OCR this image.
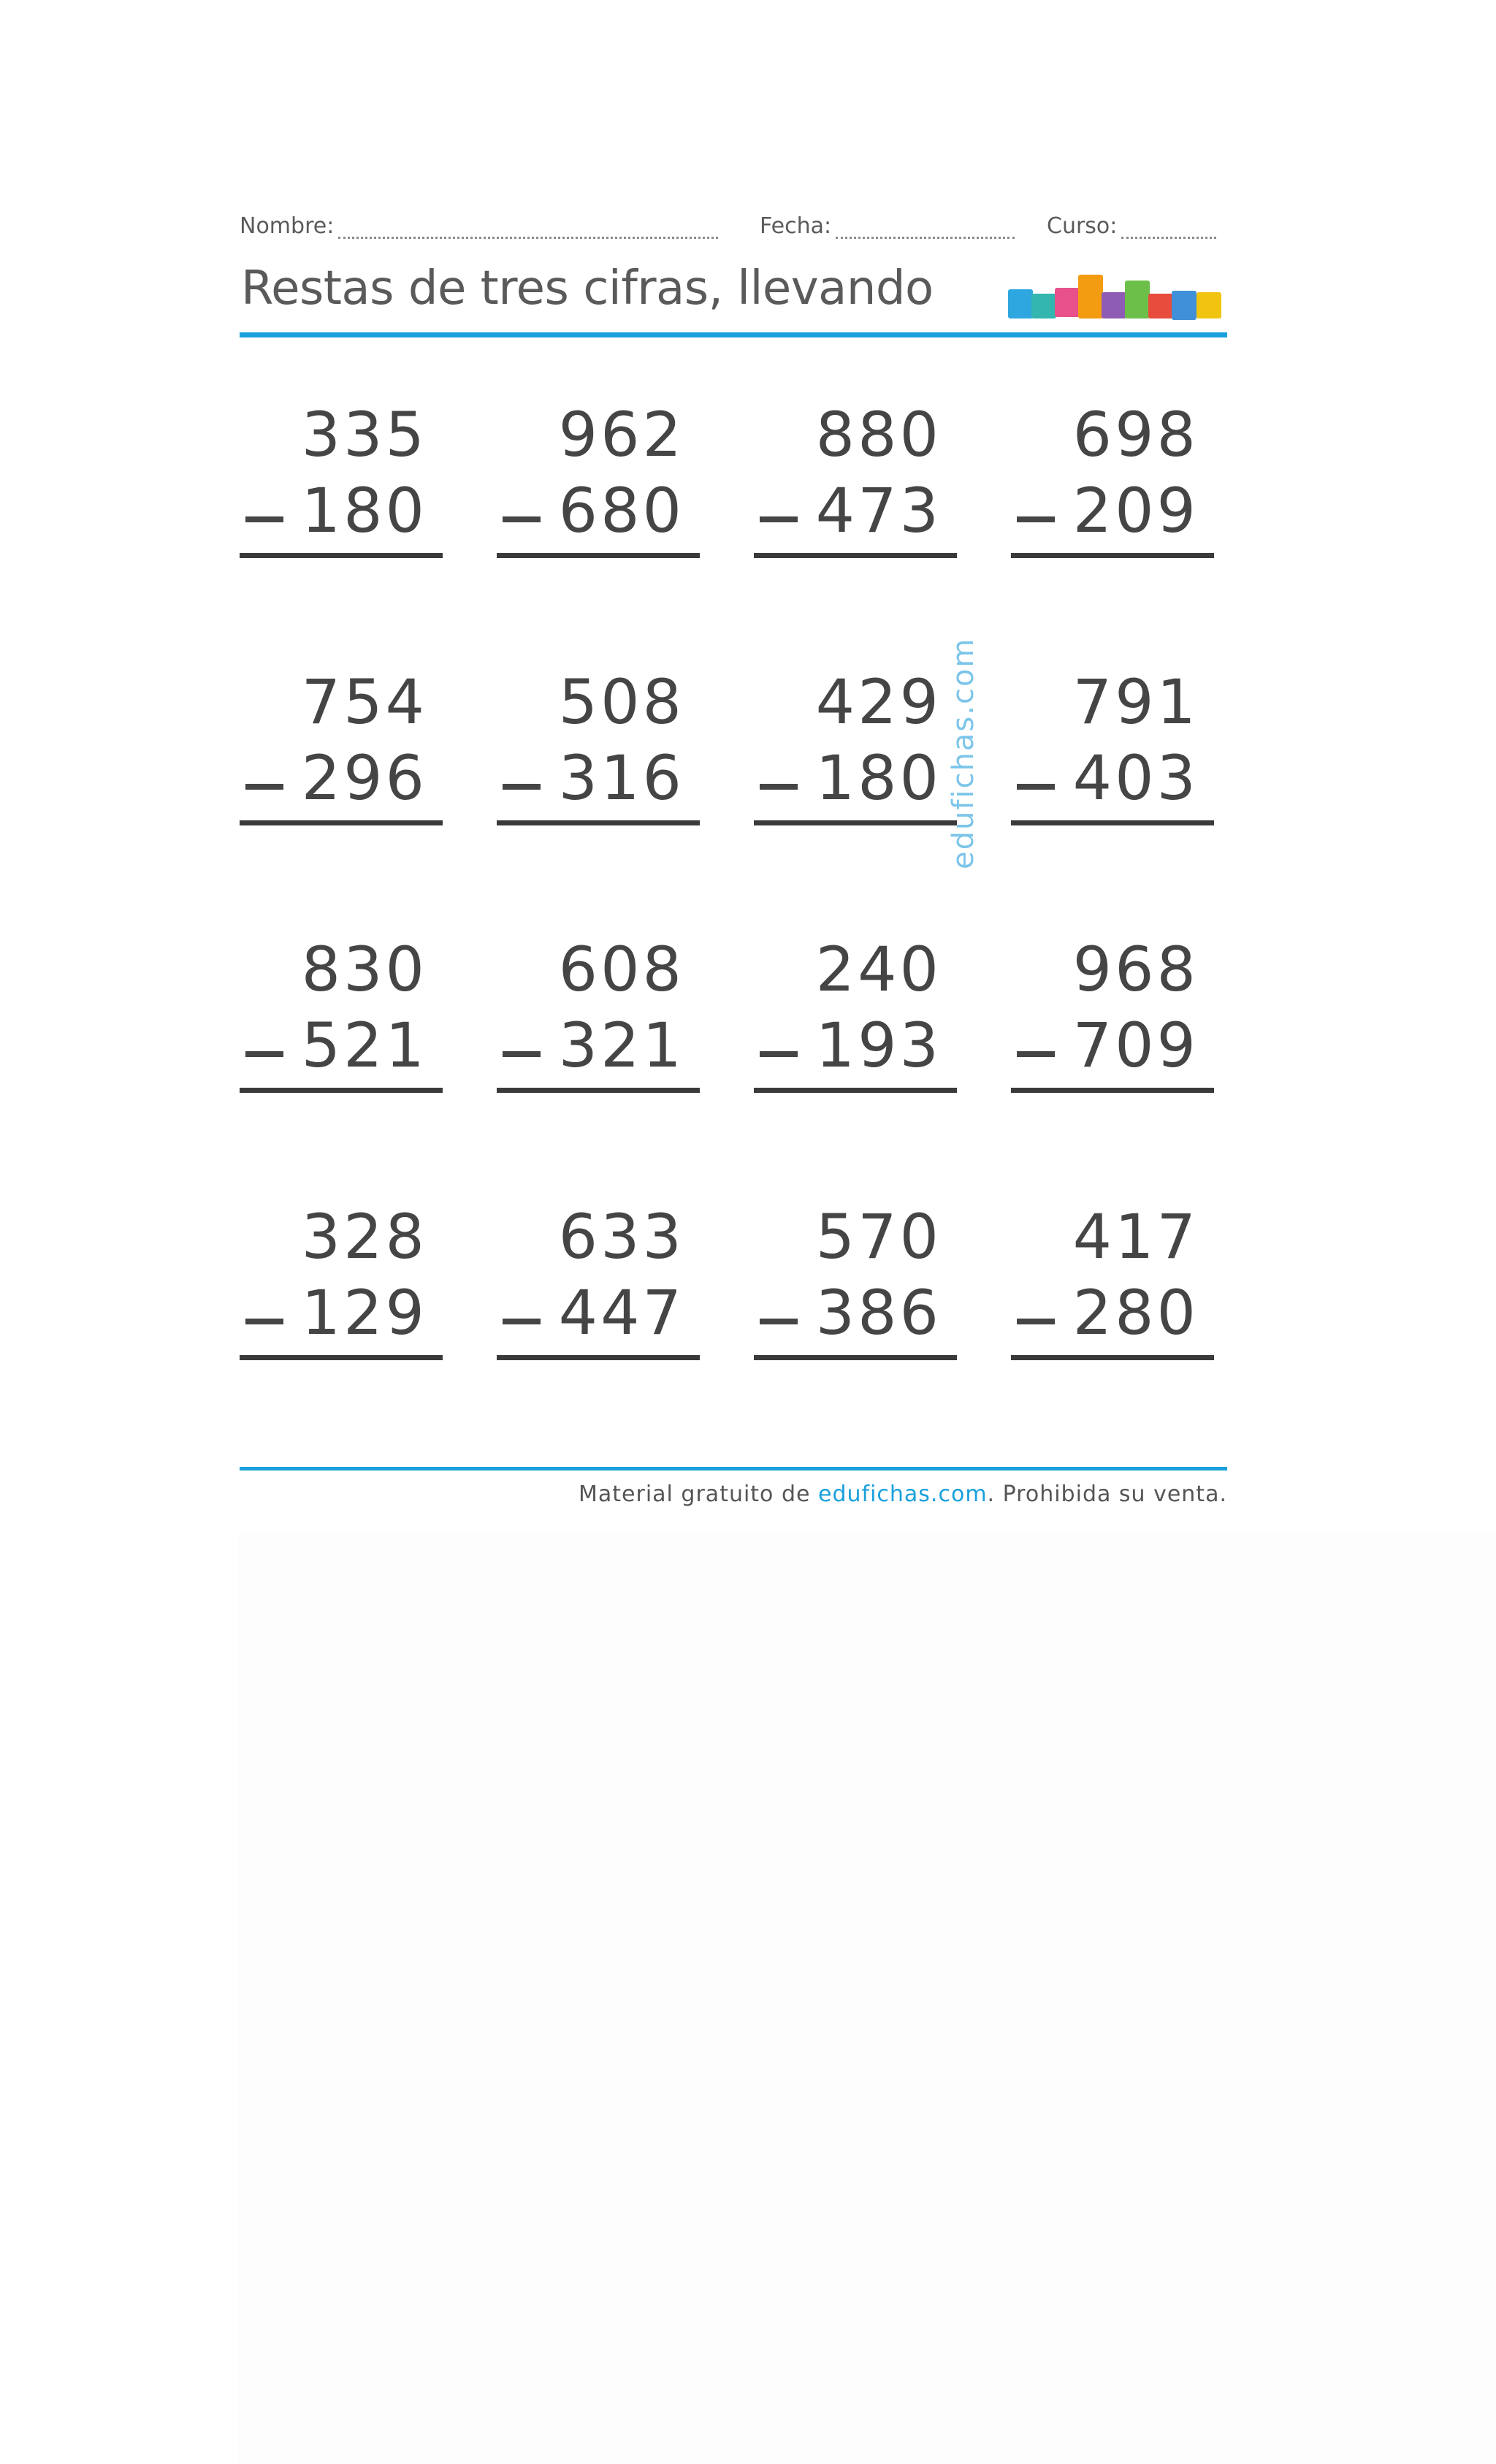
Nombre:	Fecha:	Curso:
Restas de tres cifras, llevando
335
180
962
680
880
473
698
209
754
296
508
316
429
180
791
403
830
521
608
321
240
193
968
709
328
129
633
447
570
386
417
280
edufichas.com
Material gratuito de edufichas.com. Prohibida su venta.
